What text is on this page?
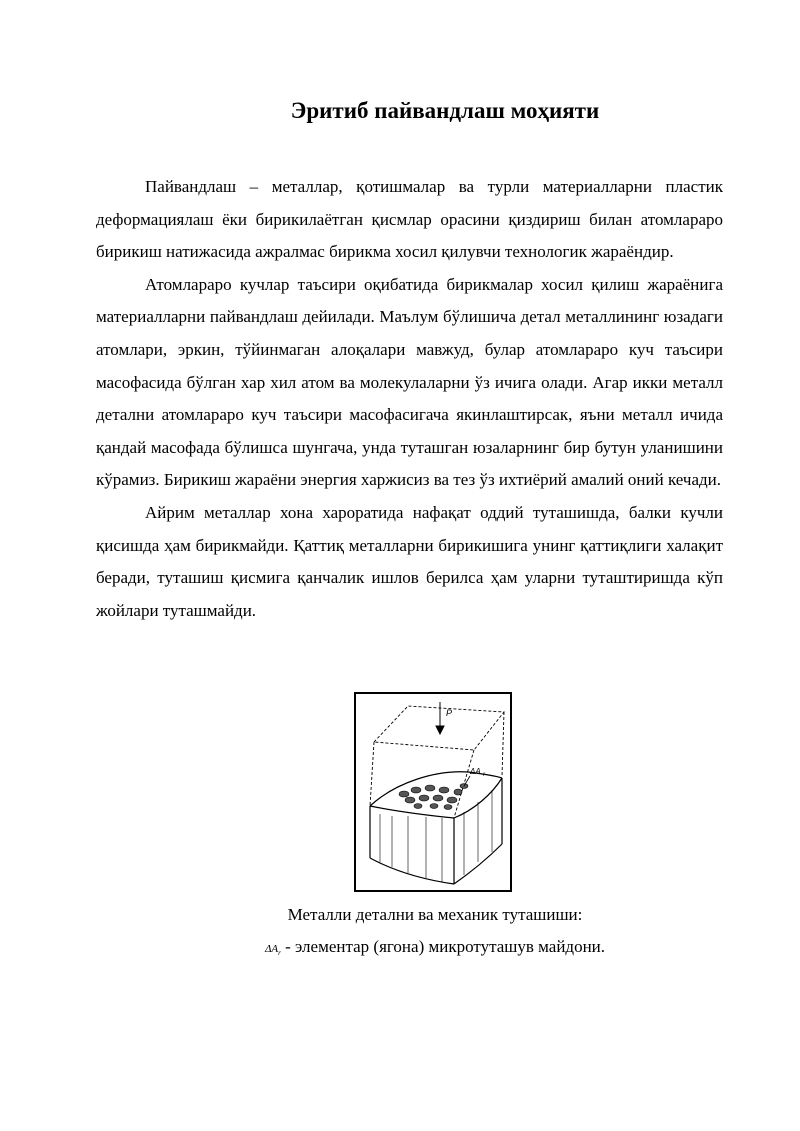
Эритиб пайвандлаш моҳияти

Пайвандлаш – металлар, қотишмалар ва турли материалларни пластик деформациялаш ёки бирикилаётган қисмлар орасини қиздириш билан атомлараро бирикиш натижасида ажралмас бирикма хосил қилувчи технологик жараёндир.

Атомлараро кучлар таъсири оқибатида бирикмалар хосил қилиш жараёнига материалларни пайвандлаш дейилади. Маълум бўлишича детал металлининг юзадаги атомлари, эркин, тўйинмаган алоқалари мавжуд, булар атомлараро куч таъсири масофасида бўлган хар хил атом ва молекулаларни ўз ичига олади. Агар икки металл детални атомлараро куч таъсири масофасигача якинлаштирсак, яъни металл ичида қандай масофада бўлишса шунгача, унда туташган юзаларнинг бир бутун уланишини кўрамиз. Бирикиш жараёни энергия харжисиз ва тез ўз ихтиёрий амалий оний кечади.

Айрим металлар хона хароратида нафақат оддий туташишда, балки кучли қисишда ҳам бирикмайди. Қаттиқ металларни бирикишига унинг қаттиқлиги халақит беради, туташиш қисмига қанчалик ишлов берилса ҳам уларни туташтиришда кўп жойлари туташмайди.

P
ΔA r
Металли детални ва механик туташиши:
$\Delta A_r$ - элементар (ягона) микротуташув майдони.
